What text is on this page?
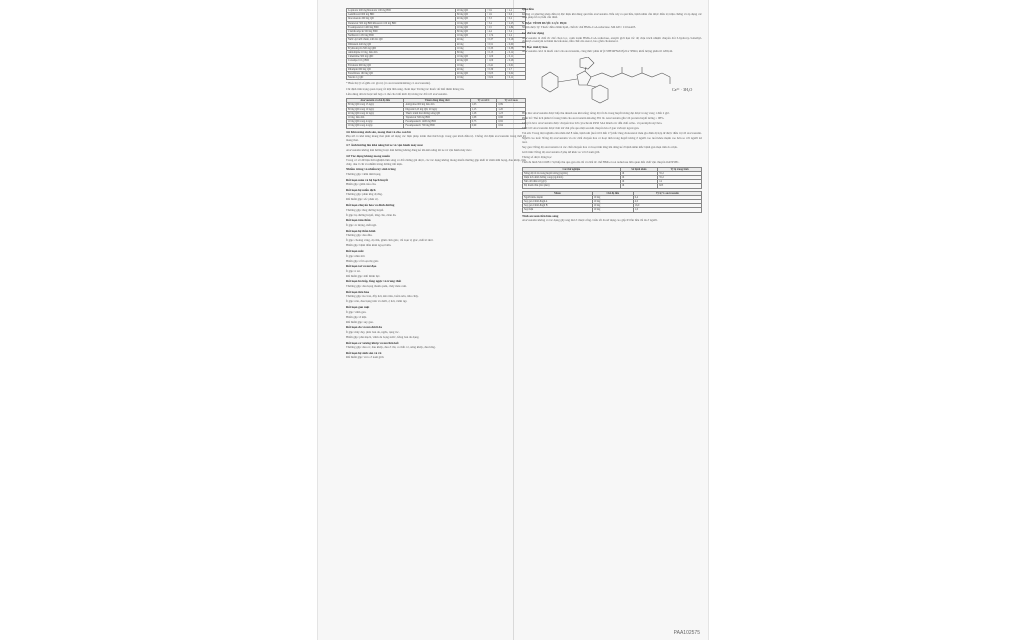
Lopinavir 400 mg/Ritonavir 100 mg BID	20 mg QD	↑ 5,9	↑ 2,2
Gemfibrozil 600 mg BID	80 mg QD	↑ 1,9	↑ 0,6
Itraconazole 200 mg QD	40 mg QD	↑ 3,3	↑ 0,2
Darunavir 300 mg BID/Ritonavir 100 mg BID	10 mg QD	↑ 3,4	↑ 2,25
Fosamprenavir 1400 mg BID	10 mg QD	↑ 2,5	↑ 2,84
Clarithromycin 500 mg BID	80 mg QD	↑ 4,4	↑ 5,4
Nelfinavir 1250 mg BID	10 mg QD	↑ 1,74	↑ 2,2
Nước ép bưởi chùm, 240 mL QD	40 mg	↑ 0,37	↑ 0,16
Diltiazem 240 mg QD	40 mg	↑ 0,51	↓ 0,00
Erythromycin 500 mg QID	10 mg	↑ 0,33	↑ 0,38
Amlodipine 10 mg, liều đơn	80 mg	↑ 0,15	↓ 0,12
Cimetidine 300 mg QID	10 mg QD	↑ 1,00	↓ 0,11
Colestipol 10 g BID	40 mg QD	↑ 1,00	↓ 0,26
Efavirenz 600 mg QD	10 mg	↓ 0,41	↓ 0,01
Rifampin 600 mg QD	40 mg	↑ 0,30	↑ 2,7
Fenofibrate 160 mg QD	40 mg QD	↑ 0,03	↑ 0,02
Niacin 2 g QD	10 mg	↑ 0,02	↑ 0,11
* Biểu thị tỷ số giữa các giá trị (có atorvastatin/không có atorvastatin).
Chỉ định tình trạng quan trọng về mặt lâm sàng. Xem mục Tương tác thuốc để biết thêm thông tin.
Liều dùng đơn lẻ hoặc kết hợp có thể cho biết mức độ tương tác đối với atorvastatin.
Atorvastatin và chế độ liều	Thuốc dùng đồng thời	Tỷ số AUC	Tỷ số Cmax
80 mg QD trong 15 ngày	Antipyrine 600 mg liều đơn	1,03	0,89
80 mg QD trong 10 ngày	Digoxin 0,25 mg QD, 20 ngày	1,15	1,20
40 mg QD trong 22 ngày	Thuốc tránh thai đường uống QD	1,28	1,23
10 mg, liều đơn	Tipranavir 500 mg BID	1,08	0,96
10 mg QD trong 4 ngày	Fosamprenavir 1400 mg BID	0,73	0,82
10 mg QD trong 4 ngày	Fosamprenavir 700 mg BID	0,99	0,94
4.6 Khả năng sinh sản, mang thai và cho con bú
Phụ nữ có khả năng mang thai phải sử dụng các biện pháp tránh thai thích hợp trong quá trình điều trị. Chống chỉ định atorvastatin trong thời kỳ mang thai.
4.7 Ảnh hưởng lên khả năng lái xe và vận hành máy móc
Atorvastatin không ảnh hưởng hoặc ảnh hưởng không đáng kể lên khả năng lái xe và vận hành máy móc.
4.8 Tác dụng không mong muốn
Trong cơ sở dữ liệu thử nghiệm lâm sàng có đối chứng giả dược, các tác dụng không mong muốn thường gặp nhất là viêm mũi họng, đau khớp, tiêu chảy, đau ở chi và nhiễm trùng đường tiết niệu.
Nhiễm trùng và nhiễm ký sinh trùng
Thường gặp: viêm mũi họng.
Rối loạn máu và hệ bạch huyết
Hiếm gặp: giảm tiểu cầu.
Rối loạn hệ miễn dịch
Thường gặp: phản ứng dị ứng.
Rất hiếm gặp: sốc phản vệ.
Rối loạn chuyển hóa và dinh dưỡng
Thường gặp: tăng đường huyết.
Ít gặp: hạ đường huyết, tăng cân, chán ăn.
Rối loạn tâm thần
Ít gặp: ác mộng, mất ngủ.
Rối loạn hệ thần kinh
Thường gặp: đau đầu.
Ít gặp: choáng váng, dị cảm, giảm cảm giác, rối loạn vị giác, mất trí nhớ.
Hiếm gặp: bệnh thần kinh ngoại biên.
Rối loạn mắt
Ít gặp: nhìn mờ.
Hiếm gặp: rối loạn thị giác.
Rối loạn tai và mê đạo
Ít gặp: ù tai.
Rất hiếm gặp: mất thính lực.
Rối loạn hô hấp, lồng ngực và trung thất
Thường gặp: đau họng thanh quản, chảy máu cam.
Rối loạn tiêu hóa
Thường gặp: táo bón, đầy hơi, khó tiêu, buồn nôn, tiêu chảy.
Ít gặp: nôn, đau bụng trên và dưới, ợ hơi, viêm tụy.
Rối loạn gan mật
Ít gặp: viêm gan.
Hiếm gặp: ứ mật.
Rất hiếm gặp: suy gan.
Rối loạn da và mô dưới da
Ít gặp: mày đay, phát ban da, ngứa, rụng tóc.
Hiếm gặp: phù mạch, viêm da bọng nước, hồng ban đa dạng.
Rối loạn cơ xương khớp và mô liên kết
Thường gặp: đau cơ, đau khớp, đau ở chi, co thắt cơ, sưng khớp, đau lưng.
Rối loạn hệ sinh sản và vú
Rất hiếm gặp: vú to ở nam giới.
Quá liều
Không có phương pháp điều trị đặc hiệu khi dùng quá liều atorvastatin. Nếu xảy ra quá liều, bệnh nhân cần được điều trị triệu chứng và áp dụng các biện pháp hỗ trợ khi cần thiết.
5. ĐẶC TÍNH DƯỢC LỰC HỌC
Nhóm dược lý: Thuốc điều chỉnh lipid, chất ức chế HMG-CoA reductase. Mã ATC: C10AA05.
Cơ chế tác dụng
Atorvastatin là chất ức chế chọn lọc, cạnh tranh HMG-CoA reductase, enzym giới hạn tốc độ chịu trách nhiệm chuyển đổi 3-hydroxy-3-methyl-glutaryl-coenzym A thành mevalonate, tiền chất của sterol, bao gồm cholesterol.
5.1 Đặc tính lý hóa
Atorvastatin calci là muối calci của atorvastatin, công thức phân tử (C33H34FN2O5)2Ca·3H2O, khối lượng phân tử 1209,42.
Ca²⁺ · 3H₂O
Hấp thu: Atorvastatin được hấp thu nhanh sau khi uống; nồng độ tối đa trong huyết tương đạt được trong vòng 1 đến 2 giờ.
Phân bố: Thể tích phân bố trung bình của atorvastatin khoảng 381 lít. Atorvastatin gắn với protein huyết tương ≥ 98%.
Chuyển hóa: Atorvastatin được chuyển hóa bởi cytochrom P450 3A4 thành các dẫn chất ortho- và parahydroxyl hóa.
Thải trừ: Atorvastatin được thải trừ chủ yếu qua mật sau khi chuyển hóa ở gan và/hoặc ngoài gan.
Trẻ em: Trong một nghiên cứu nhãn mở 8 tuần, bệnh nhi (tuổi từ 6 đến 17) mắc tăng cholesterol máu gia đình dị hợp tử được điều trị với atorvastatin.
Người cao tuổi: Nồng độ atorvastatin và các chất chuyển hóa có hoạt tính trong huyết tương ở người cao tuổi khỏe mạnh cao hơn so với người trẻ tuổi.
Suy gan: Nồng độ atorvastatin và các chất chuyển hóa có hoạt tính tăng lên đáng kể ở bệnh nhân mắc bệnh gan mạn tính do rượu.
Giới tính: Nồng độ atorvastatin ở phụ nữ khác so với ở nam giới.
Thông số dược động học
Tính đa hình SLCO1B1: Sự hấp thu qua gan của tất cả chất ức chế HMG-CoA reductase liên quan đến chất vận chuyển OATP1B1.
Các thử nghiệm	Số bệnh nhân	Tỷ lệ trung bình
Nồng độ tối đa trong huyết tương (ng/mL)	16	55,2
Diện tích dưới đường cong (ng.h/mL)	16	55,2
Nửa đời thải trừ (giờ)	16	14
Độ thanh thải (mL/phút)	16	625
Nhóm	Chế độ liều	Tỷ lệ % atorvastatin
Người khỏe mạnh	10 mg	0,4
Suy gan Child-Pugh A	10 mg	4,0
Suy gan Child-Pugh B	10 mg	16,0
Suy thận	10 mg	1,0
Tính an toàn tiền lâm sàng
Atorvastatin không có tác dụng gây ung thư ở chuột cống. Liều tối đa sử dụng cao gấp 63 lần liều tối đa ở người.
PAA102575
